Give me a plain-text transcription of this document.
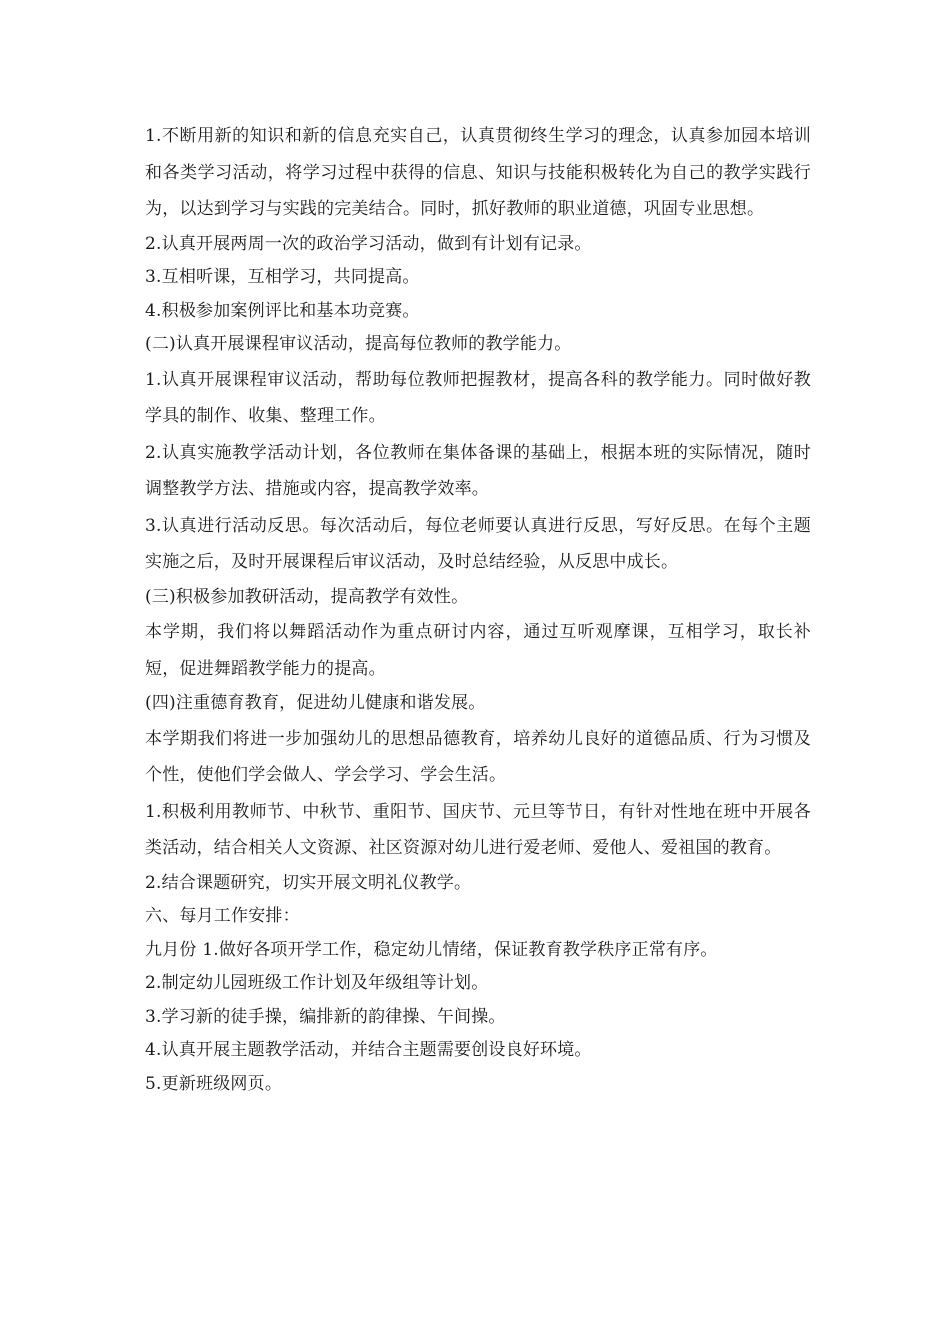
1.不断用新的知识和新的信息充实自己，认真贯彻终生学习的理念，认真参加园本培训和各类学习活动，将学习过程中获得的信息、知识与技能积极转化为自己的教学实践行为，以达到学习与实践的完美结合。同时，抓好教师的职业道德，巩固专业思想。

2.认真开展两周一次的政治学习活动，做到有计划有记录。

3.互相听课，互相学习，共同提高。

4.积极参加案例评比和基本功竞赛。

(二)认真开展课程审议活动，提高每位教师的教学能力。

1.认真开展课程审议活动，帮助每位教师把握教材，提高各科的教学能力。同时做好教学具的制作、收集、整理工作。

2.认真实施教学活动计划，各位教师在集体备课的基础上，根据本班的实际情况，随时调整教学方法、措施或内容，提高教学效率。

3.认真进行活动反思。每次活动后，每位老师要认真进行反思，写好反思。在每个主题实施之后，及时开展课程后审议活动，及时总结经验，从反思中成长。

(三)积极参加教研活动，提高教学有效性。

本学期，我们将以舞蹈活动作为重点研讨内容，通过互听观摩课，互相学习，取长补短，促进舞蹈教学能力的提高。

(四)注重德育教育，促进幼儿健康和谐发展。

本学期我们将进一步加强幼儿的思想品德教育，培养幼儿良好的道德品质、行为习惯及个性，使他们学会做人、学会学习、学会生活。

1.积极利用教师节、中秋节、重阳节、国庆节、元旦等节日，有针对性地在班中开展各类活动，结合相关人文资源、社区资源对幼儿进行爱老师、爱他人、爱祖国的教育。

2.结合课题研究，切实开展文明礼仪教学。

六、每月工作安排：

九月份 1.做好各项开学工作，稳定幼儿情绪，保证教育教学秩序正常有序。

2.制定幼儿园班级工作计划及年级组等计划。

3.学习新的徒手操，编排新的韵律操、午间操。

4.认真开展主题教学活动，并结合主题需要创设良好环境。

5.更新班级网页。
